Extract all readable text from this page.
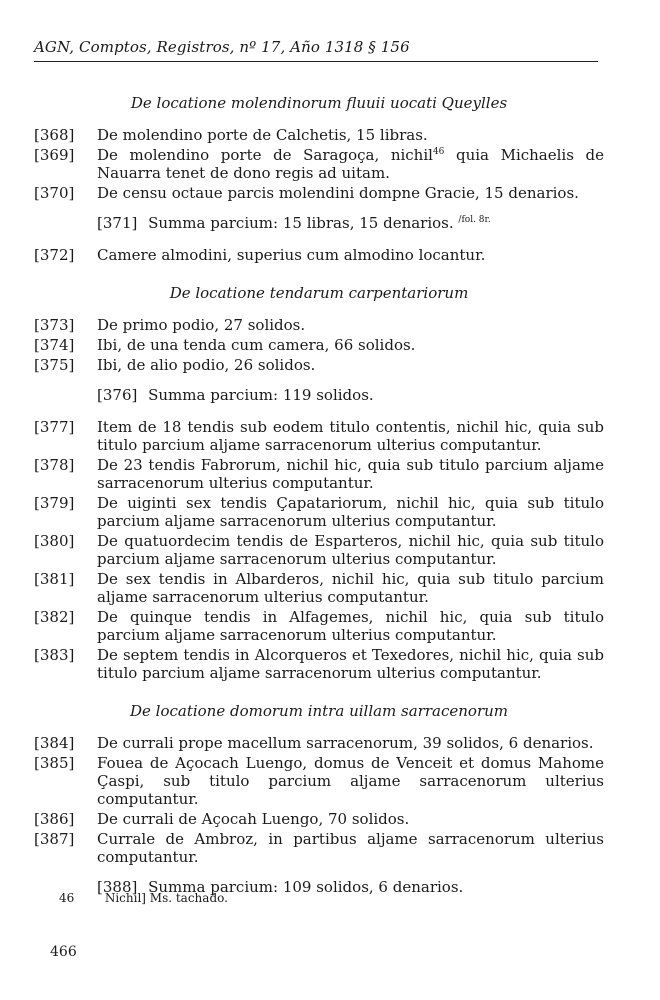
AGN, Comptos, Registros, nº 17, Año 1318 § 156
De locatione molendinorum fluuii uocati Queylles
[368]	De molendino porte de Calchetis, 15 libras.
[369]	De molendino porte de Saragoça, nichil$^{46}$ quia Michaelis de Nauarra tenet de dono regis ad uitam.
[370]	De censu octaue parcis molendini dompne Gracie, 15 denarios.
[371] Summa parcium: 15 libras, 15 denarios. $^{/fol. 8r.}$
[372]	Camere almodini, superius cum almodino locantur.
De locatione tendarum carpentariorum
[373]	De primo podio, 27 solidos.
[374]	Ibi, de una tenda cum camera, 66 solidos.
[375]	Ibi, de alio podio, 26 solidos.
[376] Summa parcium: 119 solidos.
[377]	Item de 18 tendis sub eodem titulo contentis, nichil hic, quia sub titulo parcium aljame sarracenorum ulterius computantur.
[378]	De 23 tendis Fabrorum, nichil hic, quia sub titulo parcium aljame sarracenorum ulterius computantur.
[379]	De uiginti sex tendis Çapatariorum, nichil hic, quia sub titulo parcium aljame sarracenorum ulterius computantur.
[380]	De quatuordecim tendis de Esparteros, nichil hic, quia sub titulo parcium aljame sarracenorum ulterius computantur.
[381]	De sex tendis in Albarderos, nichil hic, quia sub titulo parcium aljame sarracenorum ulterius computantur.
[382]	De quinque tendis in Alfagemes, nichil hic, quia sub titulo parcium aljame sarracenorum ulterius computantur.
[383]	De septem tendis in Alcorqueros et Texedores, nichil hic, quia sub titulo parcium aljame sarracenorum ulterius computantur.
De locatione domorum intra uillam sarracenorum
[384]	De currali prope macellum sarracenorum, 39 solidos, 6 denarios.
[385]	Fouea de Açocach Luengo, domus de Venceit et domus Mahome Çaspi, sub titulo parcium aljame sarracenorum ulterius computantur.
[386]	De currali de Açocah Luengo, 70 solidos.
[387]	Currale de Ambroz, in partibus aljame sarracenorum ulterius computantur.
[388] Summa parcium: 109 solidos, 6 denarios.
46	Nichil] Ms. tachado.
466
